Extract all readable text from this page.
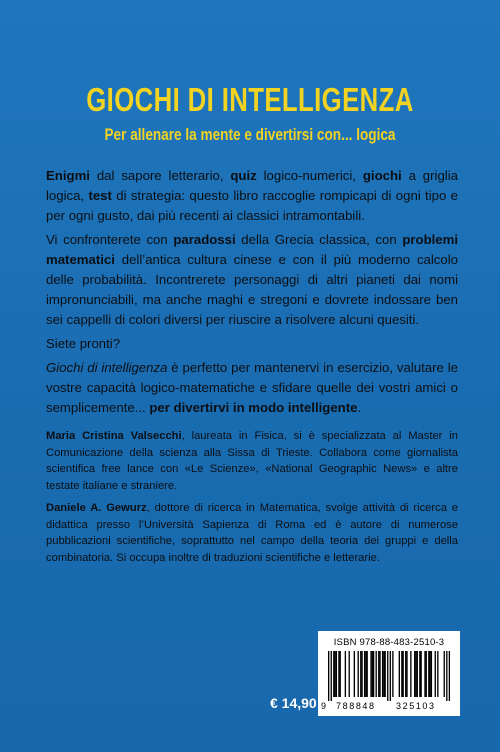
GIOCHI DI INTELLIGENZA
Per allenare la mente e divertirsi con... logica

Enigmi dal sapore letterario, quiz logico-numerici, giochi a griglia logica, test di strategia: questo libro raccoglie rompicapi di ogni tipo e per ogni gusto, dai più recenti ai classici intramontabili.

Vi confronterete con paradossi della Grecia classica, con problemi matematici dell’antica cultura cinese e con il più moderno calcolo delle probabilità. Incontrerete personaggi di altri pianeti dai nomi impronunciabili, ma anche maghi e stregoni e dovrete indossare ben sei cappelli di colori diversi per riuscire a risolvere alcuni quesiti.

Siete pronti?

Giochi di intelligenza è perfetto per mantenervi in esercizio, valutare le vostre capacità logico-matematiche e sfidare quelle dei vostri amici o semplicemente... per divertirvi in modo intelligente.

Maria Cristina Valsecchi, laureata in Fisica, si è specializzata al Master in Comunicazione della scienza alla Sissa di Trieste. Collabora come giornalista scientifica free lance con «Le Scienze», «National Geographic News» e altre testate italiane e straniere.

Daniele A. Gewurz, dottore di ricerca in Matematica, svolge attività di ricerca e didattica presso l’Università Sapienza di Roma ed è autore di numerose pubblicazioni scientifiche, soprattutto nel campo della teoria dei gruppi e della combinatoria. Si occupa inoltre di traduzioni scientifiche e letterarie.

ISBN 978-88-483-2510-3
9 788848 325103
€ 14,90
